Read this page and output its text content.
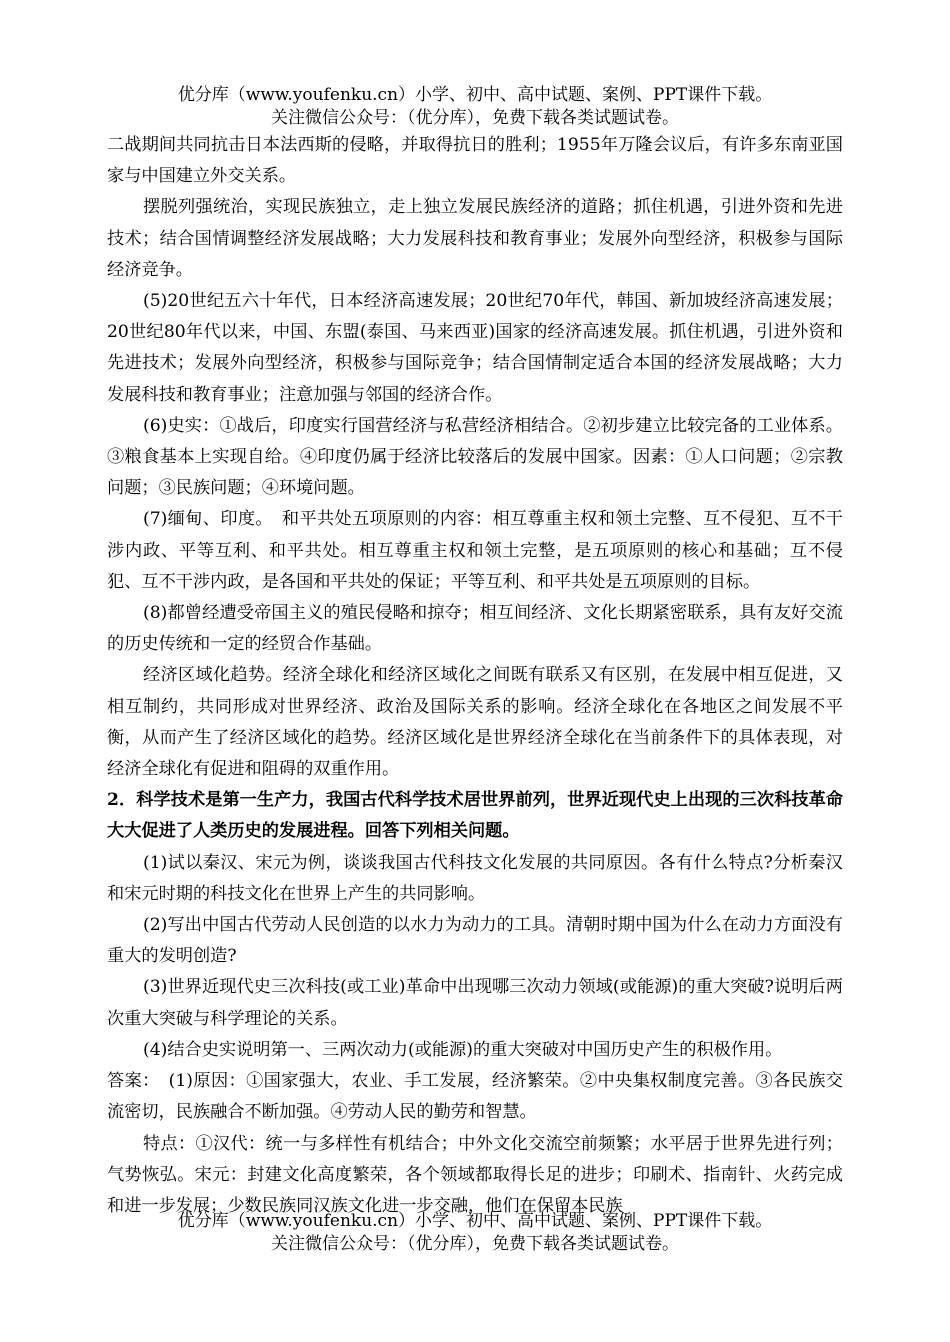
优分库（www.youfenku.cn）小学、初中、高中试题、案例、PPT课件下载。
关注微信公众号：（优分库），免费下载各类试题试卷。

二战期间共同抗击日本法西斯的侵略，并取得抗日的胜利；1955年万隆会议后，有许多东南亚国家与中国建立外交关系。

摆脱列强统治，实现民族独立，走上独立发展民族经济的道路；抓住机遇，引进外资和先进技术；结合国情调整经济发展战略；大力发展科技和教育事业；发展外向型经济，积极参与国际经济竞争。

(5)20世纪五六十年代，日本经济高速发展；20世纪70年代，韩国、新加坡经济高速发展；20世纪80年代以来，中国、东盟(泰国、马来西亚)国家的经济高速发展。抓住机遇，引进外资和先进技术；发展外向型经济，积极参与国际竞争；结合国情制定适合本国的经济发展战略；大力发展科技和教育事业；注意加强与邻国的经济合作。

(6)史实：①战后，印度实行国营经济与私营经济相结合。②初步建立比较完备的工业体系。③粮食基本上实现自给。④印度仍属于经济比较落后的发展中国家。因素：①人口问题；②宗教问题；③民族问题；④环境问题。

(7)缅甸、印度。　和平共处五项原则的内容：相互尊重主权和领土完整、互不侵犯、互不干涉内政、平等互利、和平共处。相互尊重主权和领土完整，是五项原则的核心和基础；互不侵犯、互不干涉内政，是各国和平共处的保证；平等互利、和平共处是五项原则的目标。

(8)都曾经遭受帝国主义的殖民侵略和掠夺；相互间经济、文化长期紧密联系，具有友好交流的历史传统和一定的经贸合作基础。

经济区域化趋势。经济全球化和经济区域化之间既有联系又有区别，在发展中相互促进，又相互制约，共同形成对世界经济、政治及国际关系的影响。经济全球化在各地区之间发展不平衡，从而产生了经济区域化的趋势。经济区域化是世界经济全球化在当前条件下的具体表现，对经济全球化有促进和阻碍的双重作用。

2．科学技术是第一生产力，我国古代科学技术居世界前列，世界近现代史上出现的三次科技革命大大促进了人类历史的发展进程。回答下列相关问题。

(1)试以秦汉、宋元为例，谈谈我国古代科技文化发展的共同原因。各有什么特点?分析秦汉和宋元时期的科技文化在世界上产生的共同影响。

(2)写出中国古代劳动人民创造的以水力为动力的工具。清朝时期中国为什么在动力方面没有重大的发明创造?

(3)世界近现代史三次科技(或工业)革命中出现哪三次动力领域(或能源)的重大突破?说明后两次重大突破与科学理论的关系。

(4)结合史实说明第一、三两次动力(或能源)的重大突破对中国历史产生的积极作用。

答案：　(1)原因：①国家强大，农业、手工发展，经济繁荣。②中央集权制度完善。③各民族交流密切，民族融合不断加强。④劳动人民的勤劳和智慧。

特点：①汉代：统一与多样性有机结合；中外文化交流空前频繁；水平居于世界先进行列；气势恢弘。宋元：封建文化高度繁荣，各个领域都取得长足的进步；印刷术、指南针、火药完成和进一步发展；少数民族同汉族文化进一步交融，他们在保留本民族

优分库（www.youfenku.cn）小学、初中、高中试题、案例、PPT课件下载。
关注微信公众号：（优分库），免费下载各类试题试卷。
